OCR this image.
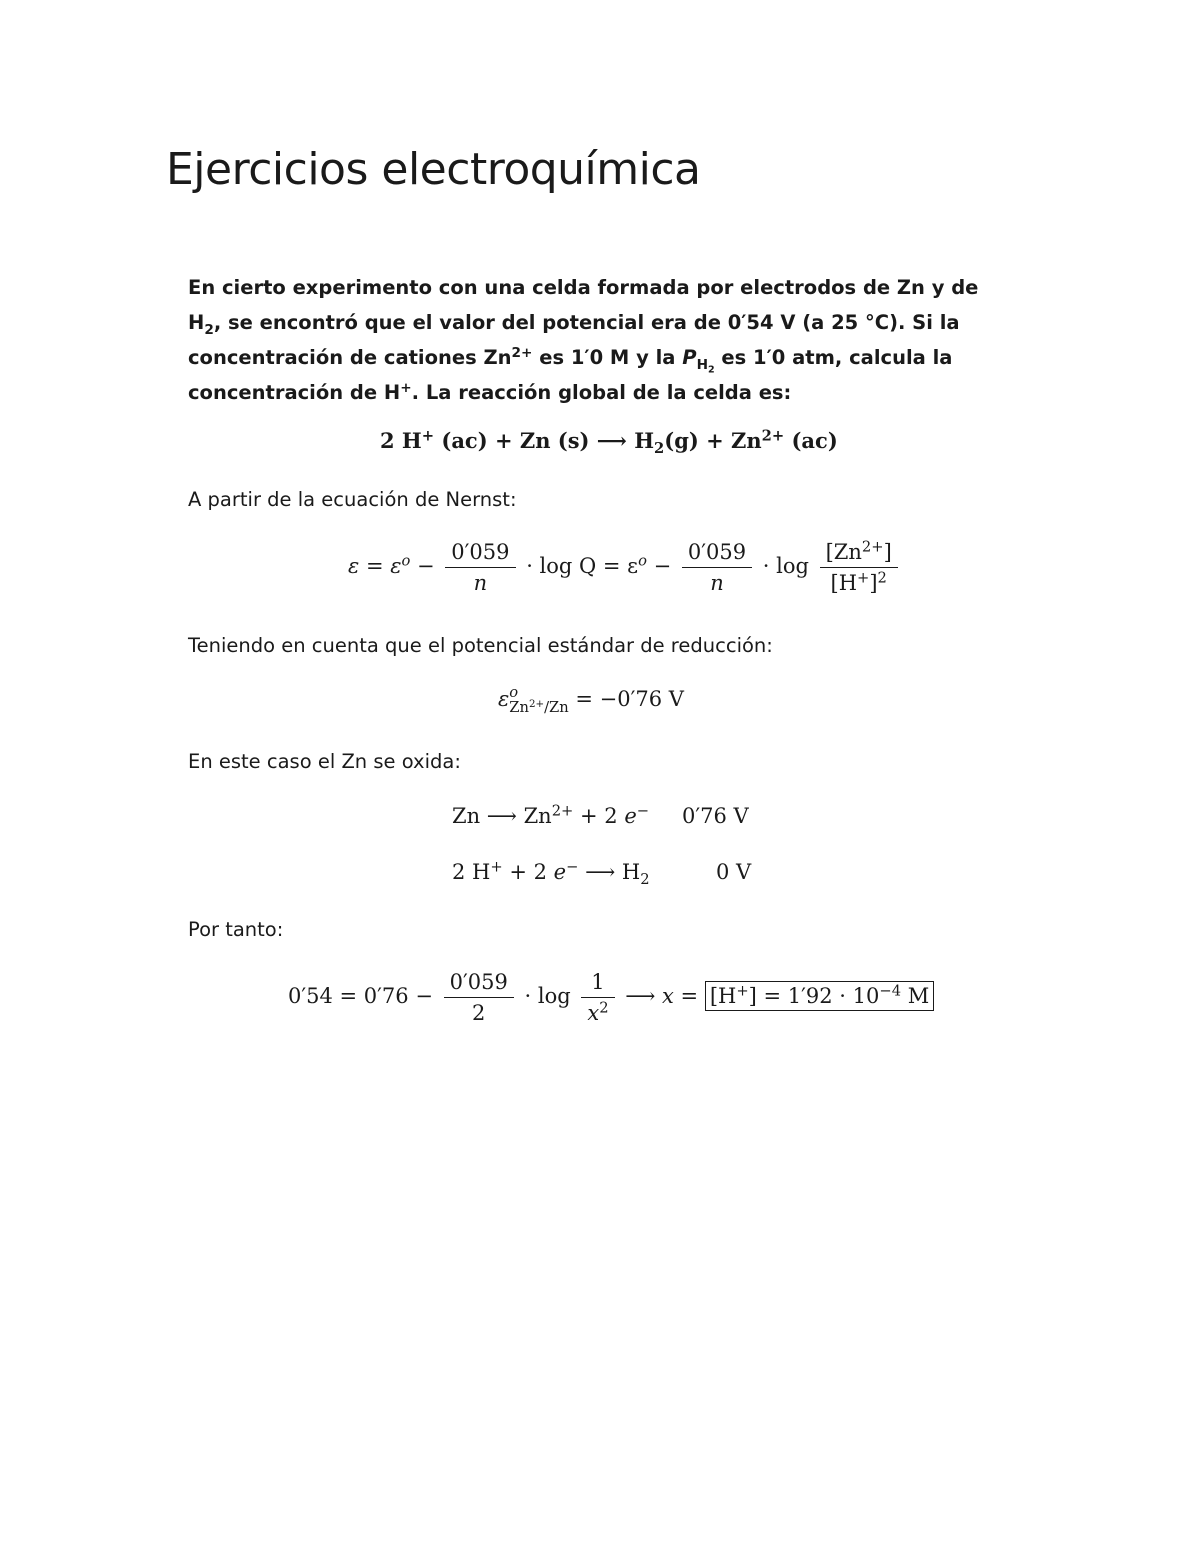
Ejercicios electroquímica
En cierto experimento con una celda formada por electrodos de Zn y de
$H_2$, se encontró que el valor del potencial era de 0′54 V (a 25 °C). Si la
concentración de cationes $Zn^{2+}$ es 1′0 M y la $P_{H_2}$ es 1′0 atm, calcula la
concentración de H+. La reacción global de la celda es:
2 H+ (ac) + Zn (s) ⟶ $H_2(g) + Zn^{2+}$ (ac)
A partir de la ecuación de Nernst:
$\varepsilon = \varepsilon^o - \frac{0'059}{n} \cdot \log Q = \varepsilon^o - \frac{0'059}{n} \cdot \log \frac{[Zn^{2+}]}{[H^+]^2}$
Teniendo en cuenta que el potencial estándar de reducción:
ε o
$Zn^{2+}/Zn = -0'76$ V
En este caso el Zn se oxida:
Zn ⟶ $Zn^{2+} + 2$ e− 0′76 V
2 H+ + 2 e− ⟶ $H_2$	0 V
Por tanto:
$0'54 = 0'76 - \frac{0'059}{2} \cdot \log \frac{1}{x^2}$ ⟶ $x = [H^+] = 1'92 \cdot 10^{-4}$ M
